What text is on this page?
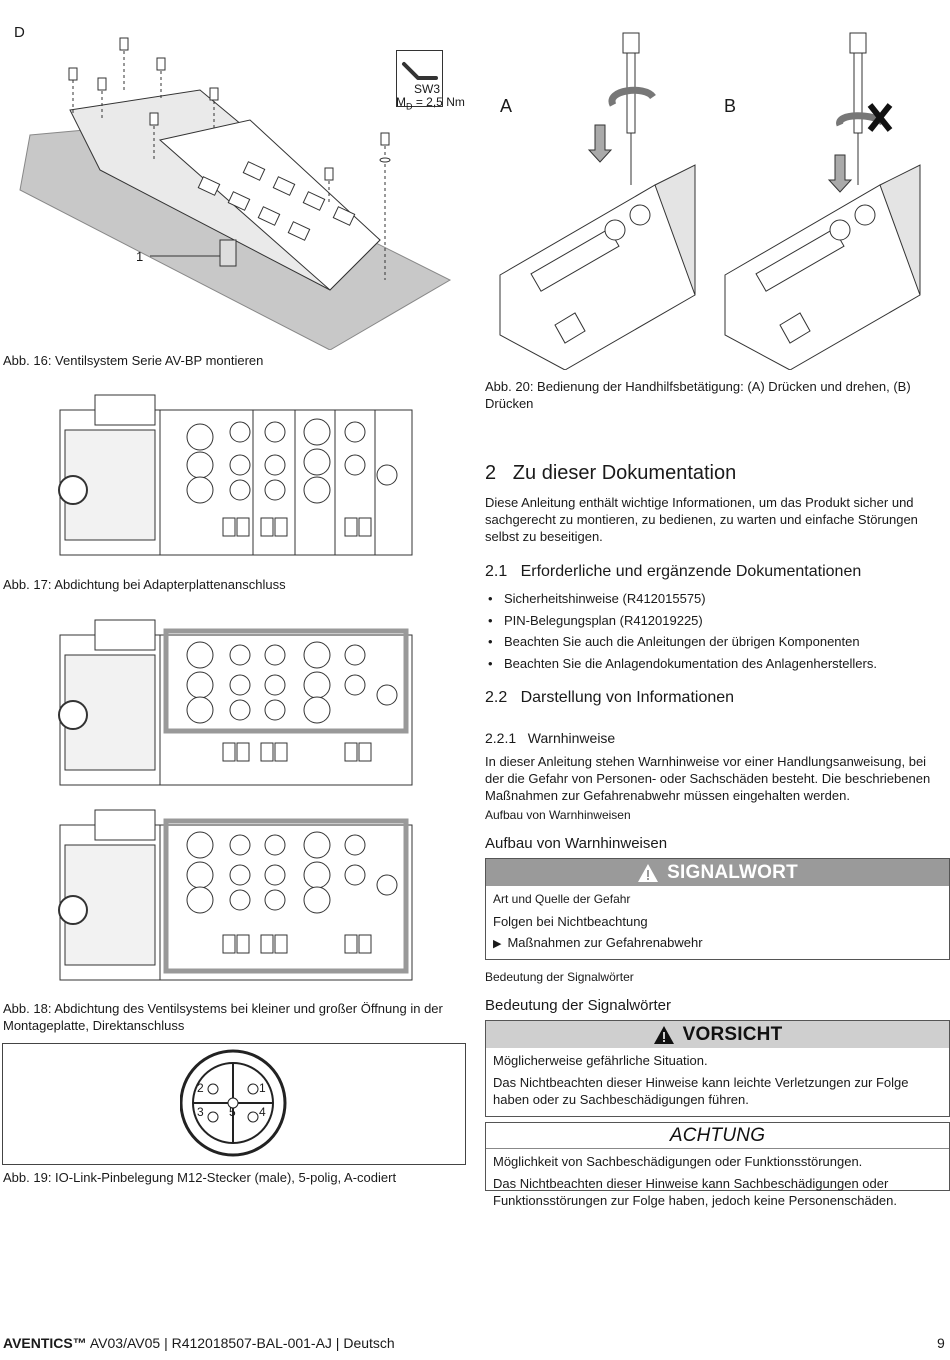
D
SW3
$M_D = 2,5$ Nm
1
Abb. 16: Ventilsystem Serie AV-BP montieren
A	B
Abb. 20: Bedienung der Handhilfsbetätigung: (A) Drücken und drehen, (B) Drücken
Abb. 17: Abdichtung bei Adapterplattenanschluss
Abb. 18: Abdichtung des Ventilsystems bei kleiner und großer Öffnung in der Montageplatte, Direktanschluss
1
2
3	4
5
Abb. 19: IO-Link-Pinbelegung M12-Stecker (male), 5-polig, A-codiert
2   Zu dieser Dokumentation
Diese Anleitung enthält wichtige Informationen, um das Produkt sicher und sachgerecht zu montieren, zu bedienen, zu warten und einfache Störungen selbst zu beseitigen.
2.1   Erforderliche und ergänzende Dokumentationen
• Sicherheitshinweise (R412015575)
• PIN-Belegungsplan (R412019225)
• Beachten Sie auch die Anleitungen der übrigen Komponenten
• Beachten Sie die Anlagendokumentation des Anlagenherstellers.
2.2   Darstellung von Informationen
2.2.1   Warnhinweise
In dieser Anleitung stehen Warnhinweise vor einer Handlungsanweisung, bei der die Gefahr von Personen- oder Sachschäden besteht. Die beschriebenen Maßnahmen zur Gefahrenabwehr müssen eingehalten werden.
Aufbau von Warnhinweisen
Aufbau von Warnhinweisen
SIGNALWORT

Art und Quelle der Gefahr

Folgen bei Nichtbeachtung

▶ Maßnahmen zur Gefahrenabwehr

Bedeutung der Signalwörter
Bedeutung der Signalwörter
VORSICHT

Möglicherweise gefährliche Situation.

Das Nichtbeachten dieser Hinweise kann leichte Verletzungen zur Folge haben oder zu Sachbeschädigungen führen.

ACHTUNG

Möglichkeit von Sachbeschädigungen oder Funktionsstörungen.

Das Nichtbeachten dieser Hinweise kann Sachbeschädigungen oder Funktionsstörungen zur Folge haben, jedoch keine Personenschäden.

AVENTICS™ AV03/AV05 | R412018507-BAL-001-AJ | Deutsch	9
